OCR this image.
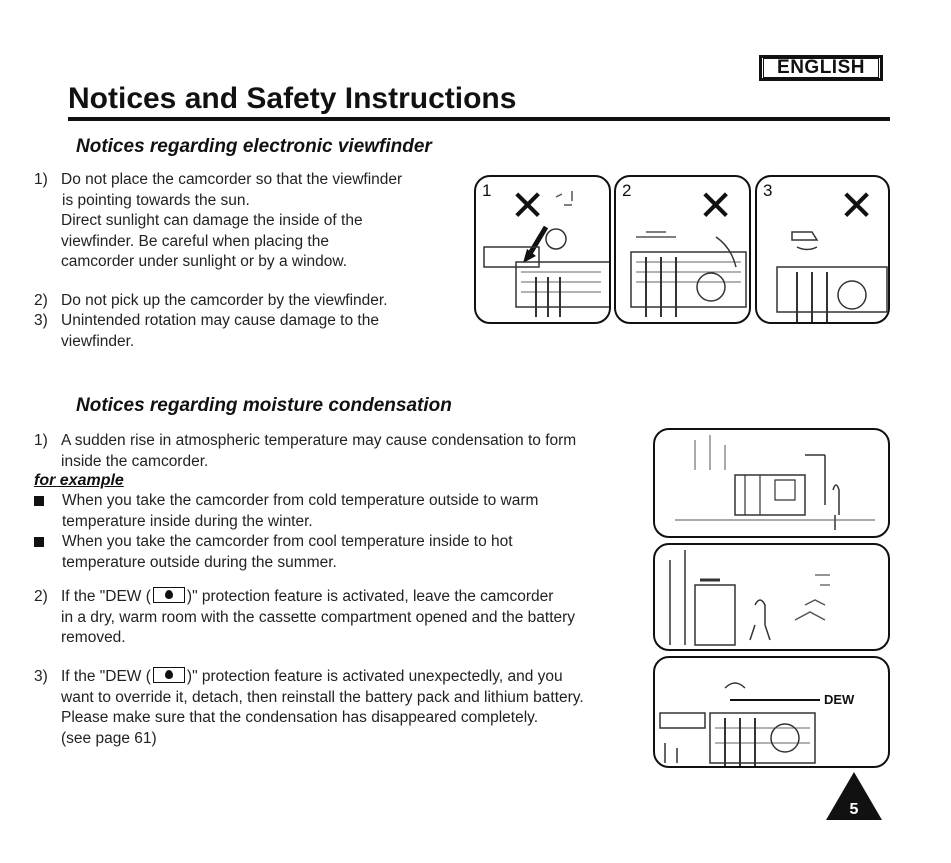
ENGLISH
Notices and Safety Instructions
Notices regarding electronic viewfinder
1) Do not place the camcorder so that the viewfinder
is pointing towards the sun.
Direct sunlight can damage the inside of the
viewfinder. Be careful when placing the
camcorder under sunlight or by a window.
2) Do not pick up the camcorder by the viewfinder.
3) Unintended rotation may cause damage to the
viewfinder.
1 ✕	2 ✕ 3 ✕
Notices regarding moisture condensation
1) A sudden rise in atmospheric temperature may cause condensation to form
inside the camcorder.
for example
When you take the camcorder from cold temperature outside to warm
temperature inside during the winter.
When you take the camcorder from cool temperature inside to hot
temperature outside during the summer.
2) If the "DEW ( )" protection feature is activated, leave the camcorder
in a dry, warm room with the cassette compartment opened and the battery
removed.
3) If the "DEW ( )" protection feature is activated unexpectedly, and you
want to override it, detach, then reinstall the battery pack and lithium battery.
Please make sure that the condensation has disappeared completely.
(see page 61)
DEW
5
